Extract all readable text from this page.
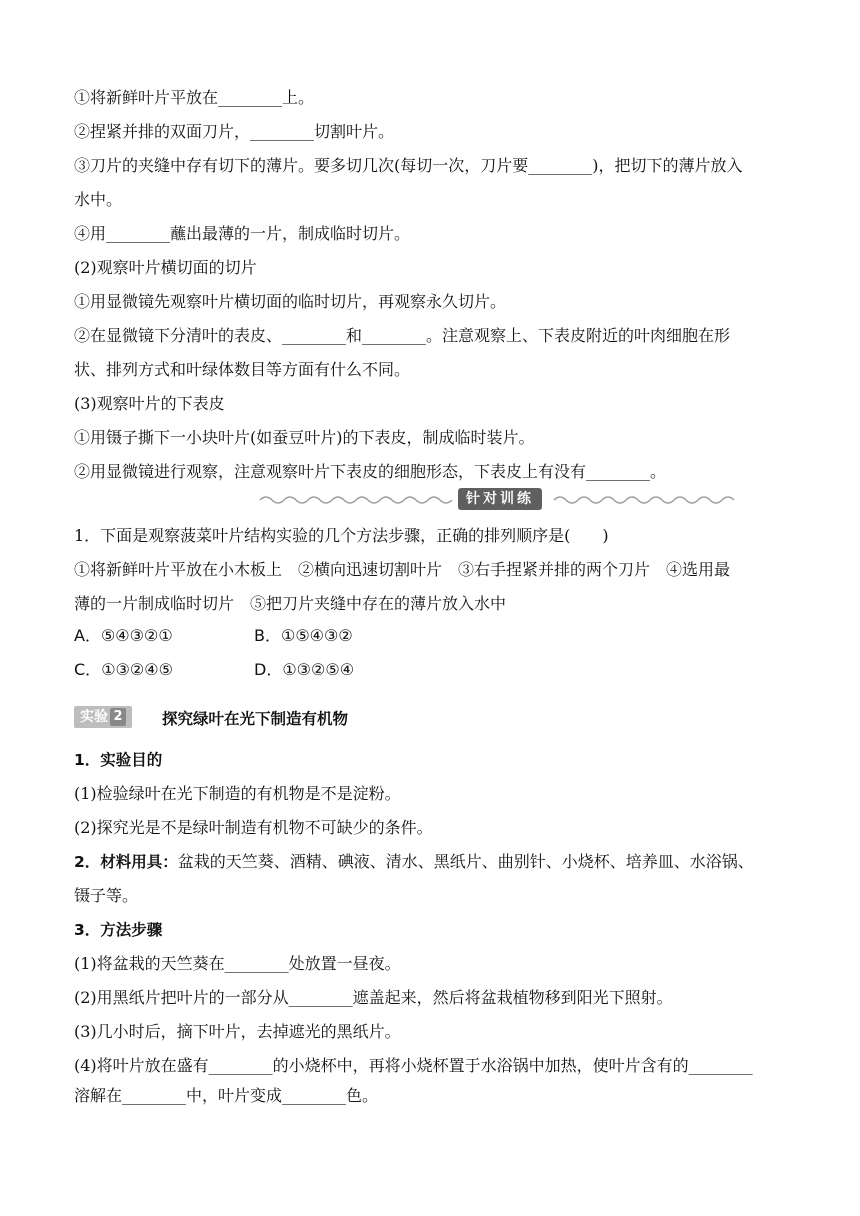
①将新鲜叶片平放在________上。
②捏紧并排的双面刀片，________切割叶片。
③刀片的夹缝中存有切下的薄片。要多切几次(每切一次，刀片要________)，把切下的薄片放入
水中。
④用________蘸出最薄的一片，制成临时切片。
(2)观察叶片横切面的切片
①用显微镜先观察叶片横切面的临时切片，再观察永久切片。
②在显微镜下分清叶的表皮、________和________。注意观察上、下表皮附近的叶肉细胞在形
状、排列方式和叶绿体数目等方面有什么不同。
(3)观察叶片的下表皮
①用镊子撕下一小块叶片(如蚕豆叶片)的下表皮，制成临时装片。
②用显微镜进行观察，注意观察叶片下表皮的细胞形态，下表皮上有没有________。
针对训练
1．下面是观察菠菜叶片结构实验的几个方法步骤，正确的排列顺序是(　　)
①将新鲜叶片平放在小木板上　②横向迅速切割叶片　③右手捏紧并排的两个刀片　④选用最
薄的一片制成临时切片　⑤把刀片夹缝中存在的薄片放入水中
A．⑤④③②①	B．①⑤④③②
C．①③②④⑤	D．①③②⑤④
实验 2	探究绿叶在光下制造有机物
1．实验目的
(1)检验绿叶在光下制造的有机物是不是淀粉。
(2)探究光是不是绿叶制造有机物不可缺少的条件。
2．材料用具：盆栽的天竺葵、酒精、碘液、清水、黑纸片、曲别针、小烧杯、培养皿、水浴锅、
镊子等。
3．方法步骤
(1)将盆栽的天竺葵在________处放置一昼夜。
(2)用黑纸片把叶片的一部分从________遮盖起来，然后将盆栽植物移到阳光下照射。
(3)几小时后，摘下叶片，去掉遮光的黑纸片。
(4)将叶片放在盛有________的小烧杯中，再将小烧杯置于水浴锅中加热，使叶片含有的________
溶解在________中，叶片变成________色。
